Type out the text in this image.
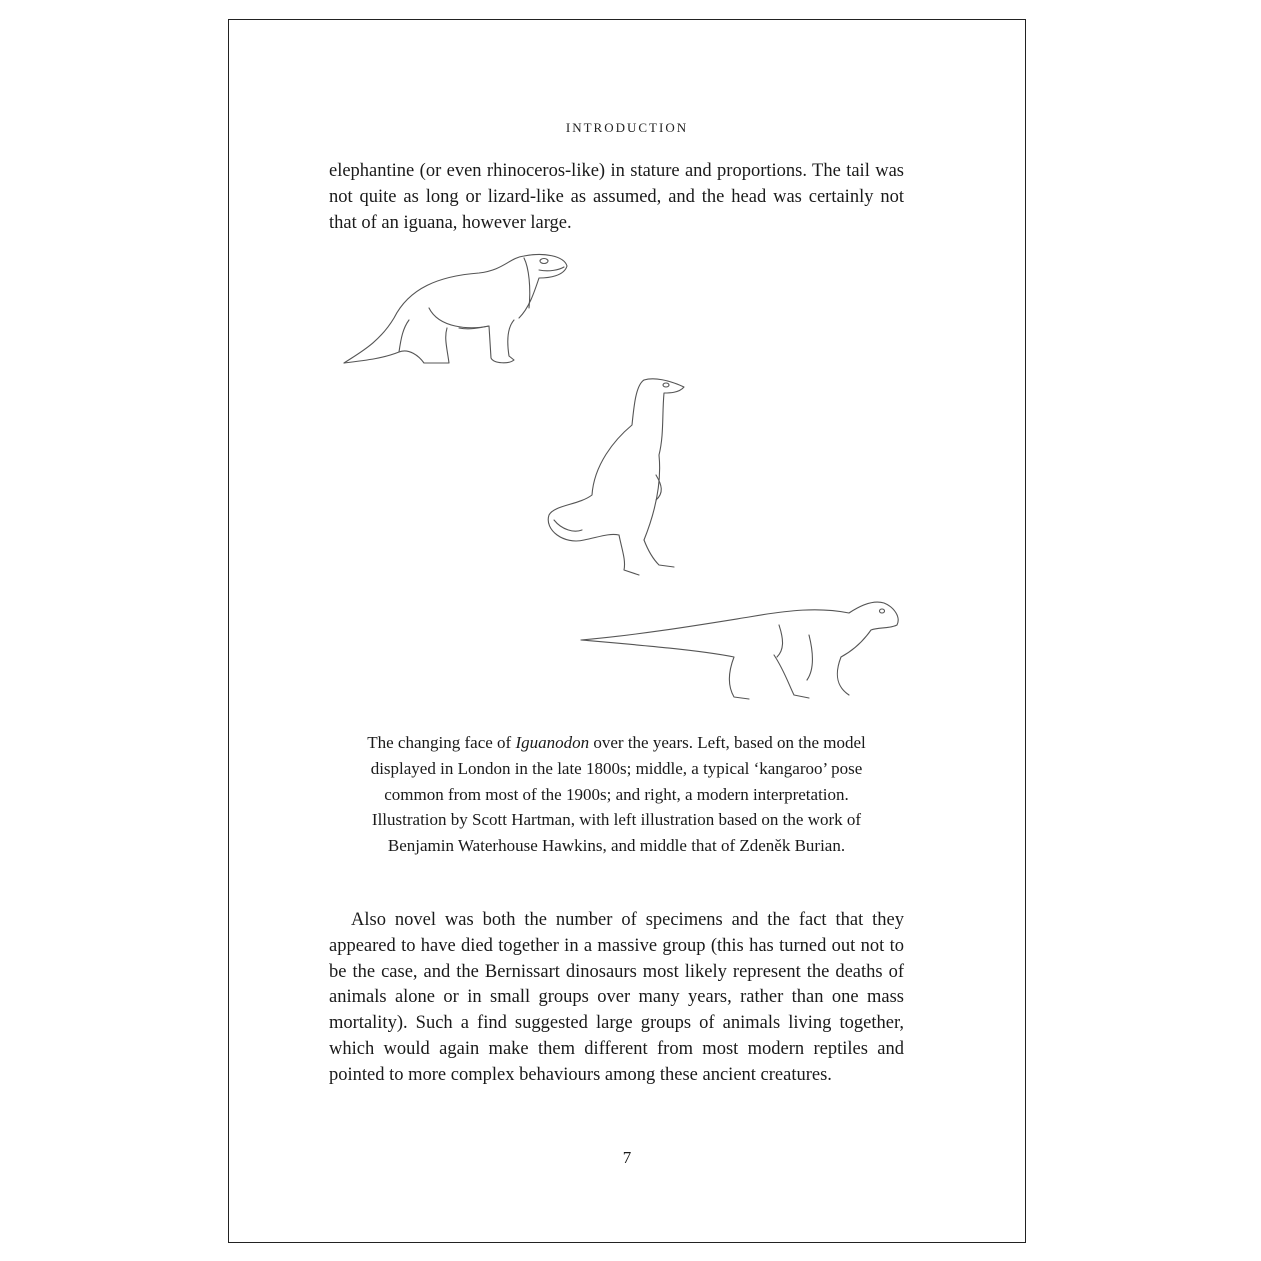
INTRODUCTION

elephantine (or even rhinoceros-like) in stature and proportions. The tail was not quite as long or lizard-like as assumed, and the head was certainly not that of an iguana, however large.

The changing face of Iguanodon over the years. Left, based on the model displayed in London in the late 1800s; middle, a typical ‘kangaroo’ pose common from most of the 1900s; and right, a modern interpretation. Illustration by Scott Hartman, with left illustration based on the work of Benjamin Waterhouse Hawkins, and middle that of Zdeněk Burian.

Also novel was both the number of specimens and the fact that they appeared to have died together in a massive group (this has turned out not to be the case, and the Bernissart dinosaurs most likely represent the deaths of animals alone or in small groups over many years, rather than one mass mortality). Such a find suggested large groups of animals living together, which would again make them different from most modern reptiles and pointed to more complex behaviours among these ancient creatures.

7
